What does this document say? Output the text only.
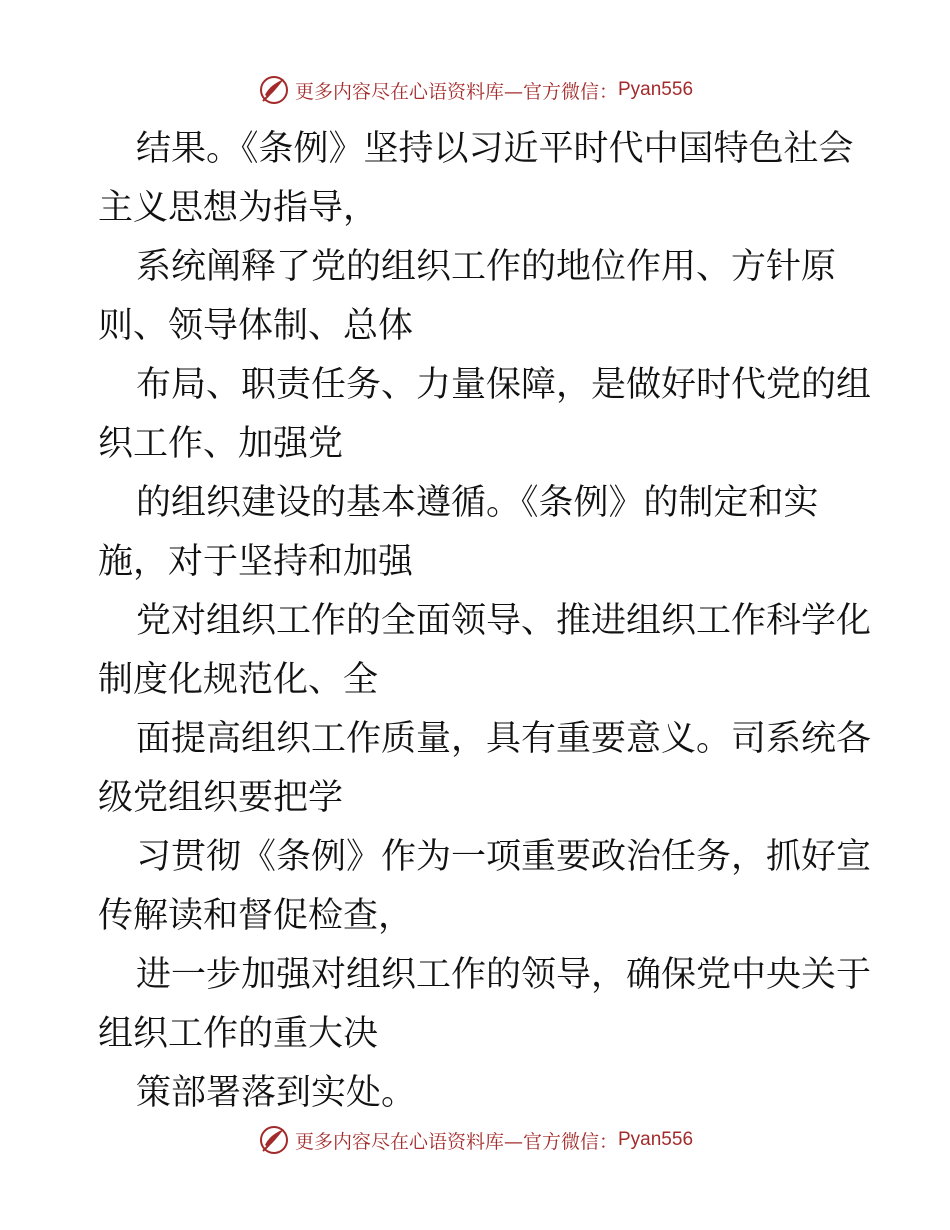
更多内容尽在心语资料库—官方微信： Pyan556

结果。《条例》坚持以习近平时代中国特色社会

主义思想为指导，

系统阐释了党的组织工作的地位作用、方针原

则、领导体制、总体

布局、职责任务、力量保障，是做好时代党的组

织工作、加强党

的组织建设的基本遵循。《条例》的制定和实

施，对于坚持和加强

党对组织工作的全面领导、推进组织工作科学化

制度化规范化、全

面提高组织工作质量，具有重要意义。司系统各

级党组织要把学

习贯彻《条例》作为一项重要政治任务，抓好宣

传解读和督促检查，

进一步加强对组织工作的领导，确保党中央关于

组织工作的重大决

策部署落到实处。

更多内容尽在心语资料库—官方微信： Pyan556
